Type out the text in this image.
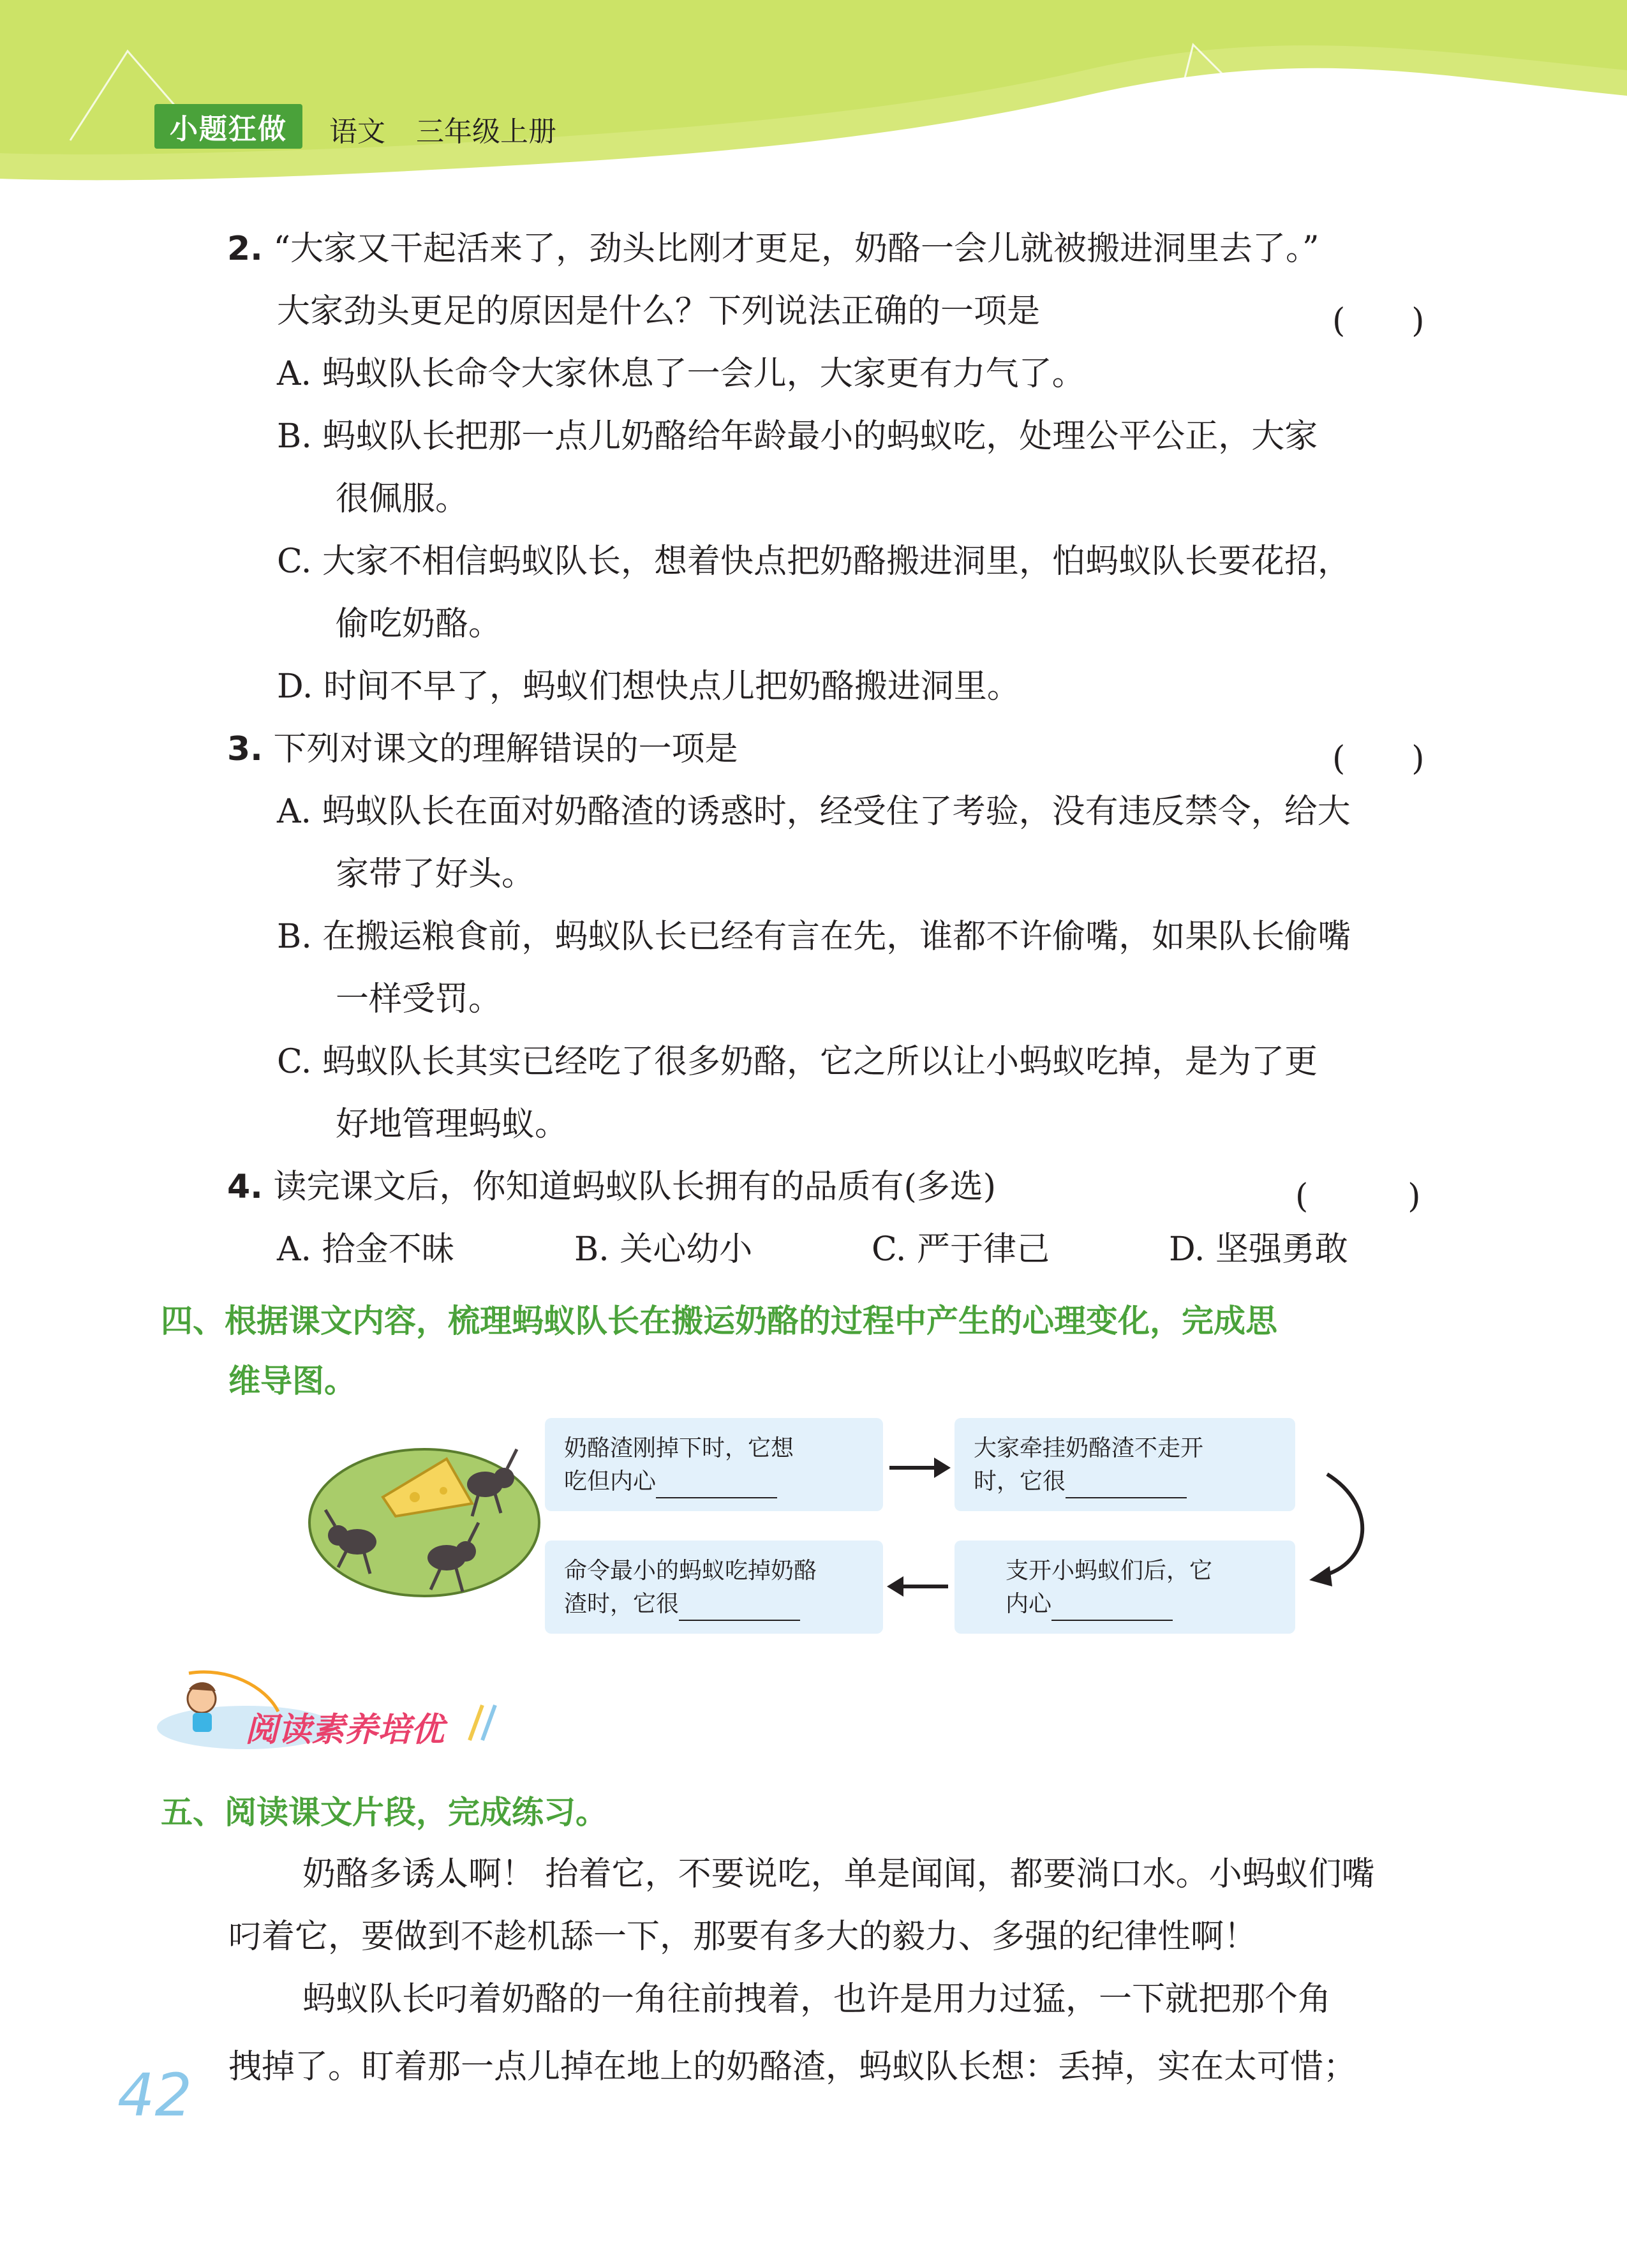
小题狂做	语文 三年级上册
2. “大家又干起活来了，劲头比刚才更足，奶酪一会儿就被搬进洞里去了。”
大家劲头更足的原因是什么？下列说法正确的一项是	(　　)
A. 蚂蚁队长命令大家休息了一会儿，大家更有力气了。
B. 蚂蚁队长把那一点儿奶酪给年龄最小的蚂蚁吃，处理公平公正，大家
很佩服。
C. 大家不相信蚂蚁队长，想着快点把奶酪搬进洞里，怕蚂蚁队长要花招，
偷吃奶酪。
D. 时间不早了，蚂蚁们想快点儿把奶酪搬进洞里。
3. 下列对课文的理解错误的一项是	(　　)
A. 蚂蚁队长在面对奶酪渣的诱惑时，经受住了考验，没有违反禁令，给大
家带了好头。
B. 在搬运粮食前，蚂蚁队长已经有言在先，谁都不许偷嘴，如果队长偷嘴
一样受罚。
C. 蚂蚁队长其实已经吃了很多奶酪，它之所以让小蚂蚁吃掉，是为了更
好地管理蚂蚁。
4. 读完课文后，你知道蚂蚁队长拥有的品质有(多选)	(　　　)
A. 拾金不昧	B. 关心幼小	C. 严于律己	D. 坚强勇敢
四、根据课文内容，梳理蚂蚁队长在搬运奶酪的过程中产生的心理变化，完成思
维导图。
奶酪渣刚掉下时，它想
吃但内心
大家牵挂奶酪渣不走开
时，它很
支开小蚂蚁们后，它
内心
命令最小的蚂蚁吃掉奶酪
渣时，它很
阅读素养培优
五、阅读课文片段，完成练习。
奶酪多诱 •人 •啊！ 抬着它，不要说吃，单是闻闻，都要淌口水。小蚂蚁们嘴
叼着它，要做到不趁机舔一下，那要有多大的毅力、多强的纪律性啊！
蚂蚁队长叼着奶酪的一角往前拽着，也许是用力过猛，一下就把那个角
拽掉了。盯着那一点儿掉在地上的奶酪渣，蚂蚁队长想：丢掉，实在太可惜；
42
